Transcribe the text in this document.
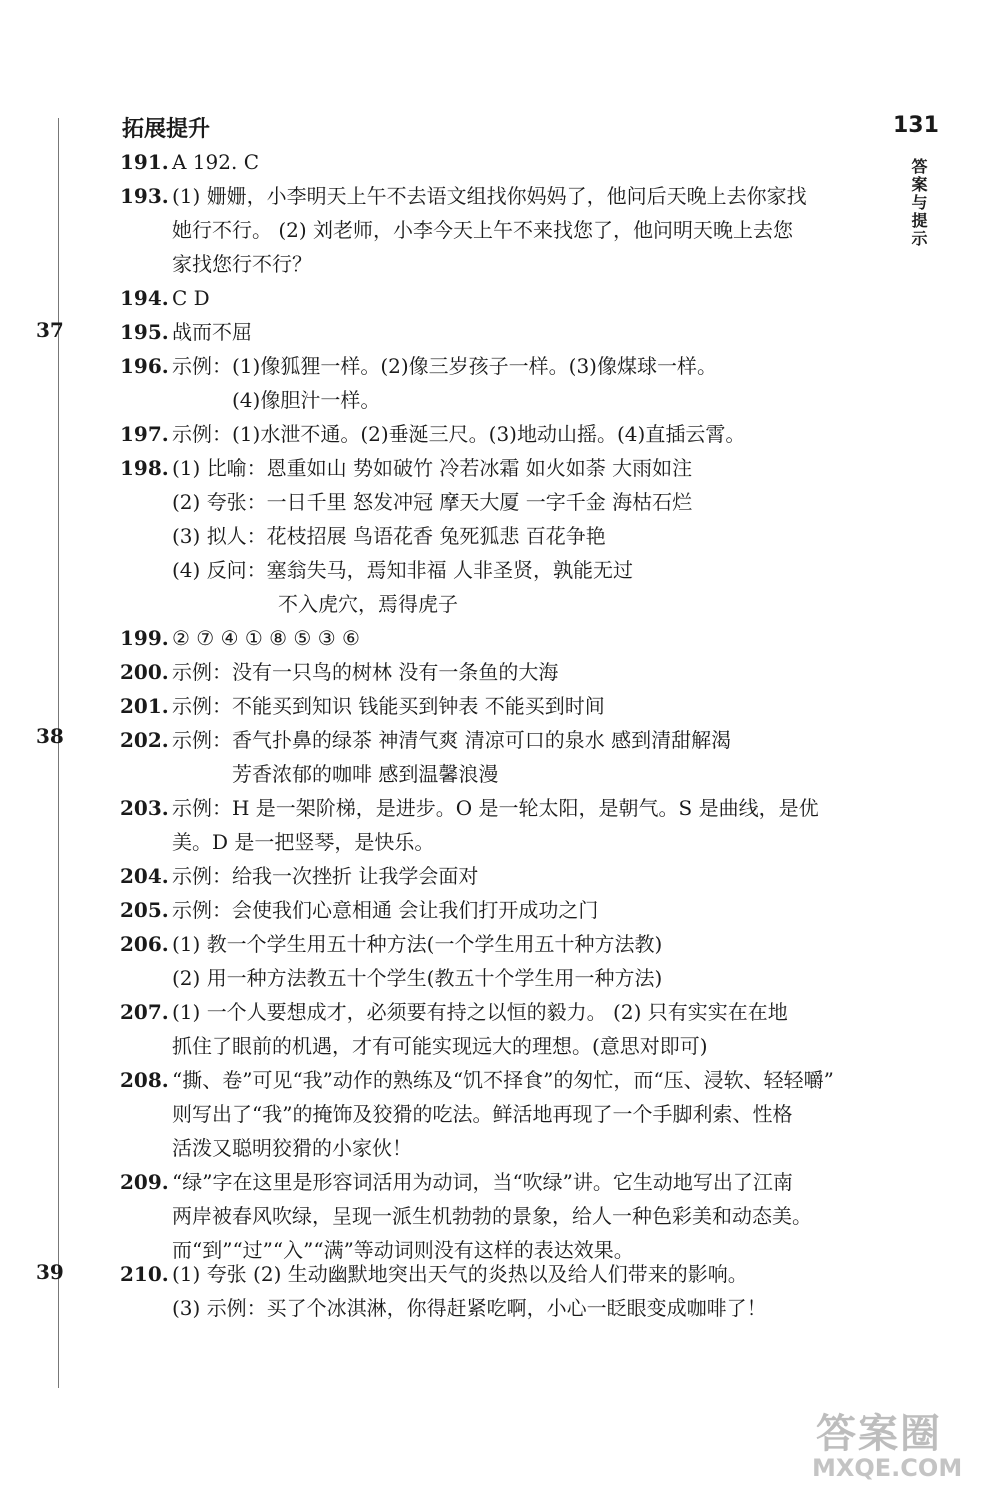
拓展提升	131
答案与提示
37
38
39
191. A 192. C
193. (1) 姗姗，小李明天上午不去语文组找你妈妈了，他问后天晚上去你家找
她行不行。 (2) 刘老师，小李今天上午不来找您了，他问明天晚上去您
家找您行不行？
194. C D
195. 战而不屈
196. 示例：(1)像狐狸一样。(2)像三岁孩子一样。(3)像煤球一样。
(4)像胆汁一样。
197. 示例：(1)水泄不通。(2)垂涎三尺。(3)地动山摇。(4)直插云霄。
198. (1) 比喻：恩重如山 势如破竹 冷若冰霜 如火如荼 大雨如注
(2) 夸张：一日千里 怒发冲冠 摩天大厦 一字千金 海枯石烂
(3) 拟人：花枝招展 鸟语花香 兔死狐悲 百花争艳
(4) 反问：塞翁失马，焉知非福 人非圣贤，孰能无过
不入虎穴，焉得虎子
199. ② ⑦ ④ ① ⑧ ⑤ ③ ⑥
200. 示例：没有一只鸟的树林 没有一条鱼的大海
201. 示例：不能买到知识 钱能买到钟表 不能买到时间
202. 示例：香气扑鼻的绿茶 神清气爽 清凉可口的泉水 感到清甜解渴
芳香浓郁的咖啡 感到温馨浪漫
203. 示例：H 是一架阶梯，是进步。O 是一轮太阳，是朝气。S 是曲线，是优
美。D 是一把竖琴，是快乐。
204. 示例：给我一次挫折 让我学会面对
205. 示例：会使我们心意相通 会让我们打开成功之门
206. (1) 教一个学生用五十种方法(一个学生用五十种方法教)
(2) 用一种方法教五十个学生(教五十个学生用一种方法)
207. (1) 一个人要想成才，必须要有持之以恒的毅力。 (2) 只有实实在在地
抓住了眼前的机遇，才有可能实现远大的理想。(意思对即可)
208. “撕、卷”可见“我”动作的熟练及“饥不择食”的匆忙，而“压、浸软、轻轻嚼”
则写出了“我”的掩饰及狡猾的吃法。鲜活地再现了一个手脚利索、性格
活泼又聪明狡猾的小家伙！
209. “绿”字在这里是形容词活用为动词，当“吹绿”讲。它生动地写出了江南
两岸被春风吹绿，呈现一派生机勃勃的景象，给人一种色彩美和动态美。
而“到”“过”“入”“满”等动词则没有这样的表达效果。
210. (1) 夸张 (2) 生动幽默地突出天气的炎热以及给人们带来的影响。
(3) 示例：买了个冰淇淋，你得赶紧吃啊，小心一眨眼变成咖啡了！
答案圈
MXQE.COM
